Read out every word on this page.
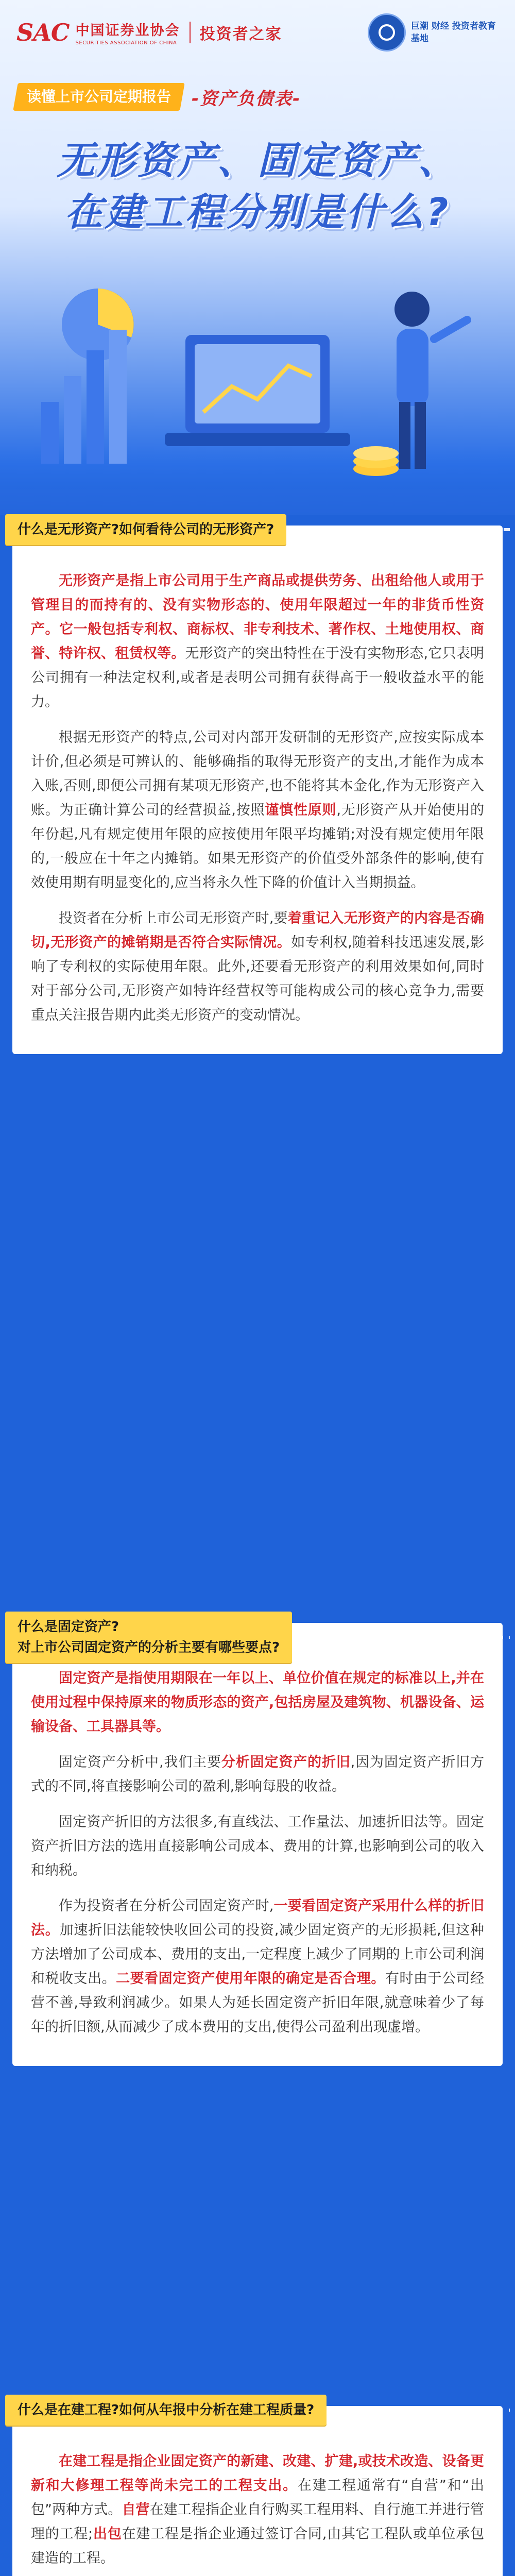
SAC 中国证券业协会
SECURITIES ASSOCIATION OF CHINA 投资者之家	巨潮 财经 投资者教育基地
读懂上市公司定期报告	-资产负债表-
无形资产、固定资产、
在建工程分别是什么?
什么是无形资产?如何看待公司的无形资产?

无形资产是指上市公司用于生产商品或提供劳务、出租给他人或用于管理目的而持有的、没有实物形态的、使用年限超过一年的非货币性资产。它一般包括专利权、商标权、非专利技术、著作权、土地使用权、商誉、特许权、租赁权等。无形资产的突出特性在于没有实物形态,它只表明公司拥有一种法定权利,或者是表明公司拥有获得高于一般收益水平的能力。

根据无形资产的特点,公司对内部开发研制的无形资产,应按实际成本计价,但必须是可辨认的、能够确指的取得无形资产的支出,才能作为成本入账,否则,即便公司拥有某项无形资产,也不能将其本金化,作为无形资产入账。为正确计算公司的经营损益,按照谨慎性原则,无形资产从开始使用的年份起,凡有规定使用年限的应按使用年限平均摊销;对没有规定使用年限的,一般应在十年之内摊销。如果无形资产的价值受外部条件的影响,使有效使用期有明显变化的,应当将永久性下降的价值计入当期损益。

投资者在分析上市公司无形资产时,要着重记入无形资产的内容是否确切,无形资产的摊销期是否符合实际情况。如专利权,随着科技迅速发展,影响了专利权的实际使用年限。此外,还要看无形资产的利用效果如何,同时对于部分公司,无形资产如特许经营权等可能构成公司的核心竞争力,需要重点关注报告期内此类无形资产的变动情况。

什么是固定资产?
对上市公司固定资产的分析主要有哪些要点?

固定资产是指使用期限在一年以上、单位价值在规定的标准以上,并在使用过程中保持原来的物质形态的资产,包括房屋及建筑物、机器设备、运输设备、工具器具等。

固定资产分析中,我们主要分析固定资产的折旧,因为固定资产折旧方式的不同,将直接影响公司的盈利,影响每股的收益。

固定资产折旧的方法很多,有直线法、工作量法、加速折旧法等。固定资产折旧方法的选用直接影响公司成本、费用的计算,也影响到公司的收入和纳税。

作为投资者在分析公司固定资产时,一要看固定资产采用什么样的折旧法。加速折旧法能较快收回公司的投资,减少固定资产的无形损耗,但这种方法增加了公司成本、费用的支出,一定程度上减少了同期的上市公司利润和税收支出。二要看固定资产使用年限的确定是否合理。有时由于公司经营不善,导致利润减少。如果人为延长固定资产折旧年限,就意味着少了每年的折旧额,从而减少了成本费用的支出,使得公司盈利出现虚增。

什么是在建工程?如何从年报中分析在建工程质量?

在建工程是指企业固定资产的新建、改建、扩建,或技术改造、设备更新和大修理工程等尚未完工的工程支出。在建工程通常有“自营”和“出包”两种方式。自营在建工程指企业自行购买工程用料、自行施工并进行管理的工程;出包在建工程是指企业通过签订合同,由其它工程队或单位承包建造的工程。
